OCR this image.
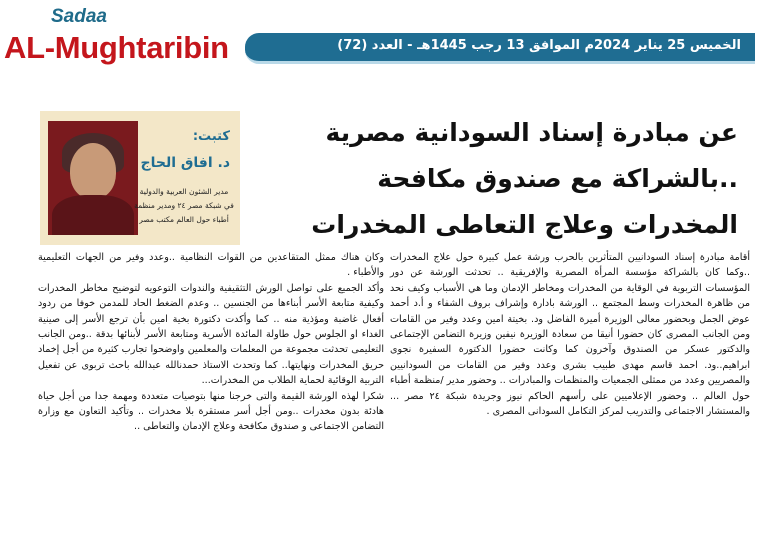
Sadaa
AL-Mughtaribin	الخميس 25 يناير 2024م الموافق 13 رجب 1445هـ - العدد (72)
عن مبادرة إسناد السودانية مصرية
..بالشراكة مع صندوق مكافحة
المخدرات وعلاج التعاطى المخدرات
كتبت:
د. افاق الحاج
مدير الشئون العربية والدولية في شبكة مصر ٢٤ ومدير منظمة أطباء حول العالم مكتب مصر

أقامة مبادرة إسناد السودانيين المتأثرين بالحرب ورشة عمل كبيرة حول علاج المخدرات ..وكما كان بالشراكة مؤسسة المرأة المصرية والإفريقية .. تحدثت الورشة عن دور المؤسسات التربوية في الوقاية من المخدرات ومخاطر الإدمان وما هي الأسباب وكيف نحد من ظاهرة المخدرات وسط المجتمع .. الورشة بادارة وإشراف بروف الشفاء و أ.د أحمد عوض الجمل وبحضور معالى الوزيرة أميرة الفاضل ود. بخيتة امين وعدد وفير من القامات ومن الجانب المصرى كان حضورا أنيقا من سعادة الوزيرة نيفين وزيرة التضامن الإجتماعى والدكتور عسكر من الصندوق وآخرون كما وكانت حضورا الدكتورة السفيرة نجوى ابراهيم..ود. احمد قاسم مهدى طبيب بشرى وعدد وفير من القامات من السودانيين والمصريين وعدد من ممثلى الجمعيات والمنظمات والمبادرات .. وحضور مدير /منظمة أطباء حول العالم .. وحضور الإعلاميين على رأسهم الحاكم نيوز وجريدة شبكة ٢٤ مصر ... والمستشار الاجتماعى والتدريب لمركز التكامل السودانى المصرى .

وكان هناك ممثل المتقاعدين من القوات النظامية ..وعدد وفير من الجهات التعليمية والأطباء .

وأكد الجميع على تواصل الورش التثقيفية والندوات التوعويه لتوضيح مخاطر المخدرات وكيفية متابعة الأسر أبناءها من الجنسين .. وعدم الضغط الحاد للمدمن خوفا من ردود أفعال غاضبة ومؤذية منه .. كما وأكدت دكتورة بخية امين بأن ترجع الأسر إلى صينية الغداء او الجلوس حول طاولة المائدة الأسرية ومتابعة الأسر لأبنائها بدقة ..ومن الجانب التعليمى تحدثت مجموعة من المعلمات والمعلمين واوضحوا تجارب كثيرة من أجل إخماد حريق المخدرات ونهايتها.. كما وتحدث الاستاذ حمدنالله عبدالله باحث تربوى عن تفعيل التربية الوقائية لحماية الطلاب من المخدرات...

شكرا لهذه الورشة القيمة والتى خرجنا منها بتوصيات متعددة ومهمة جدا من أجل حياة هادئة بدون مخدرات ..ومن أجل أسر مستقرة بلا مخدرات .. وتأكيد التعاون مع وزارة التضامن الاجتماعى و صندوق مكافحة وعلاج الإدمان والتعاطى ..
